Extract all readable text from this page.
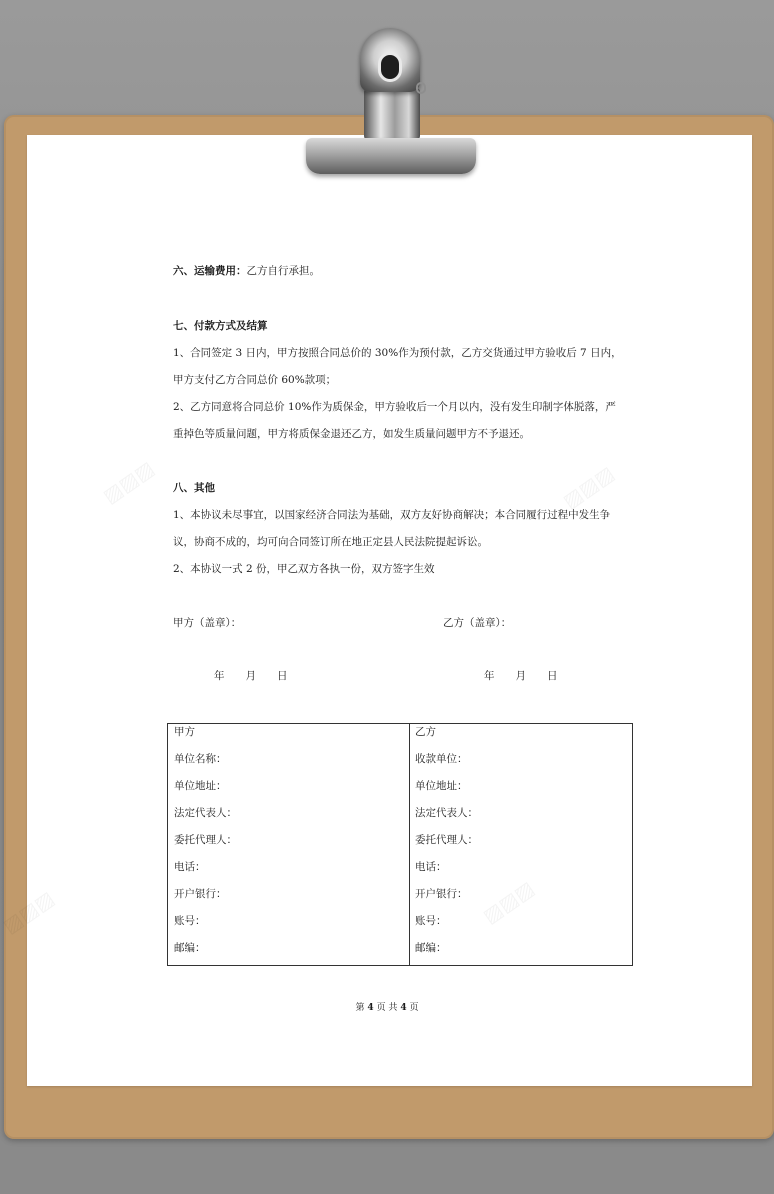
六、运输费用：乙方自行承担。
七、付款方式及结算
1、合同签定 3 日内，甲方按照合同总价的 30%作为预付款，乙方交货通过甲方验收后 7 日内，
甲方支付乙方合同总价 60%款项；
2、乙方同意将合同总价 10%作为质保金，甲方验收后一个月以内，没有发生印制字体脱落，严
重掉色等质量问题，甲方将质保金退还乙方，如发生质量问题甲方不予退还。
八、其他
1、本协议未尽事宜，以国家经济合同法为基础，双方友好协商解决；本合同履行过程中发生争
议，协商不成的，均可向合同签订所在地正定县人民法院提起诉讼。
2、本协议一式 2 份，甲乙双方各执一份，双方签字生效
甲方（盖章）：	乙方（盖章）：
年　　月　　日	年　　月　　日
甲方
单位名称：
单位地址：
法定代表人：
委托代理人：
电话：
开户银行：
账号：
邮编：
乙方
收款单位：
单位地址：
法定代表人：
委托代理人：
电话：
开户银行：
账号：
邮编：
第 4 页 共 4 页
